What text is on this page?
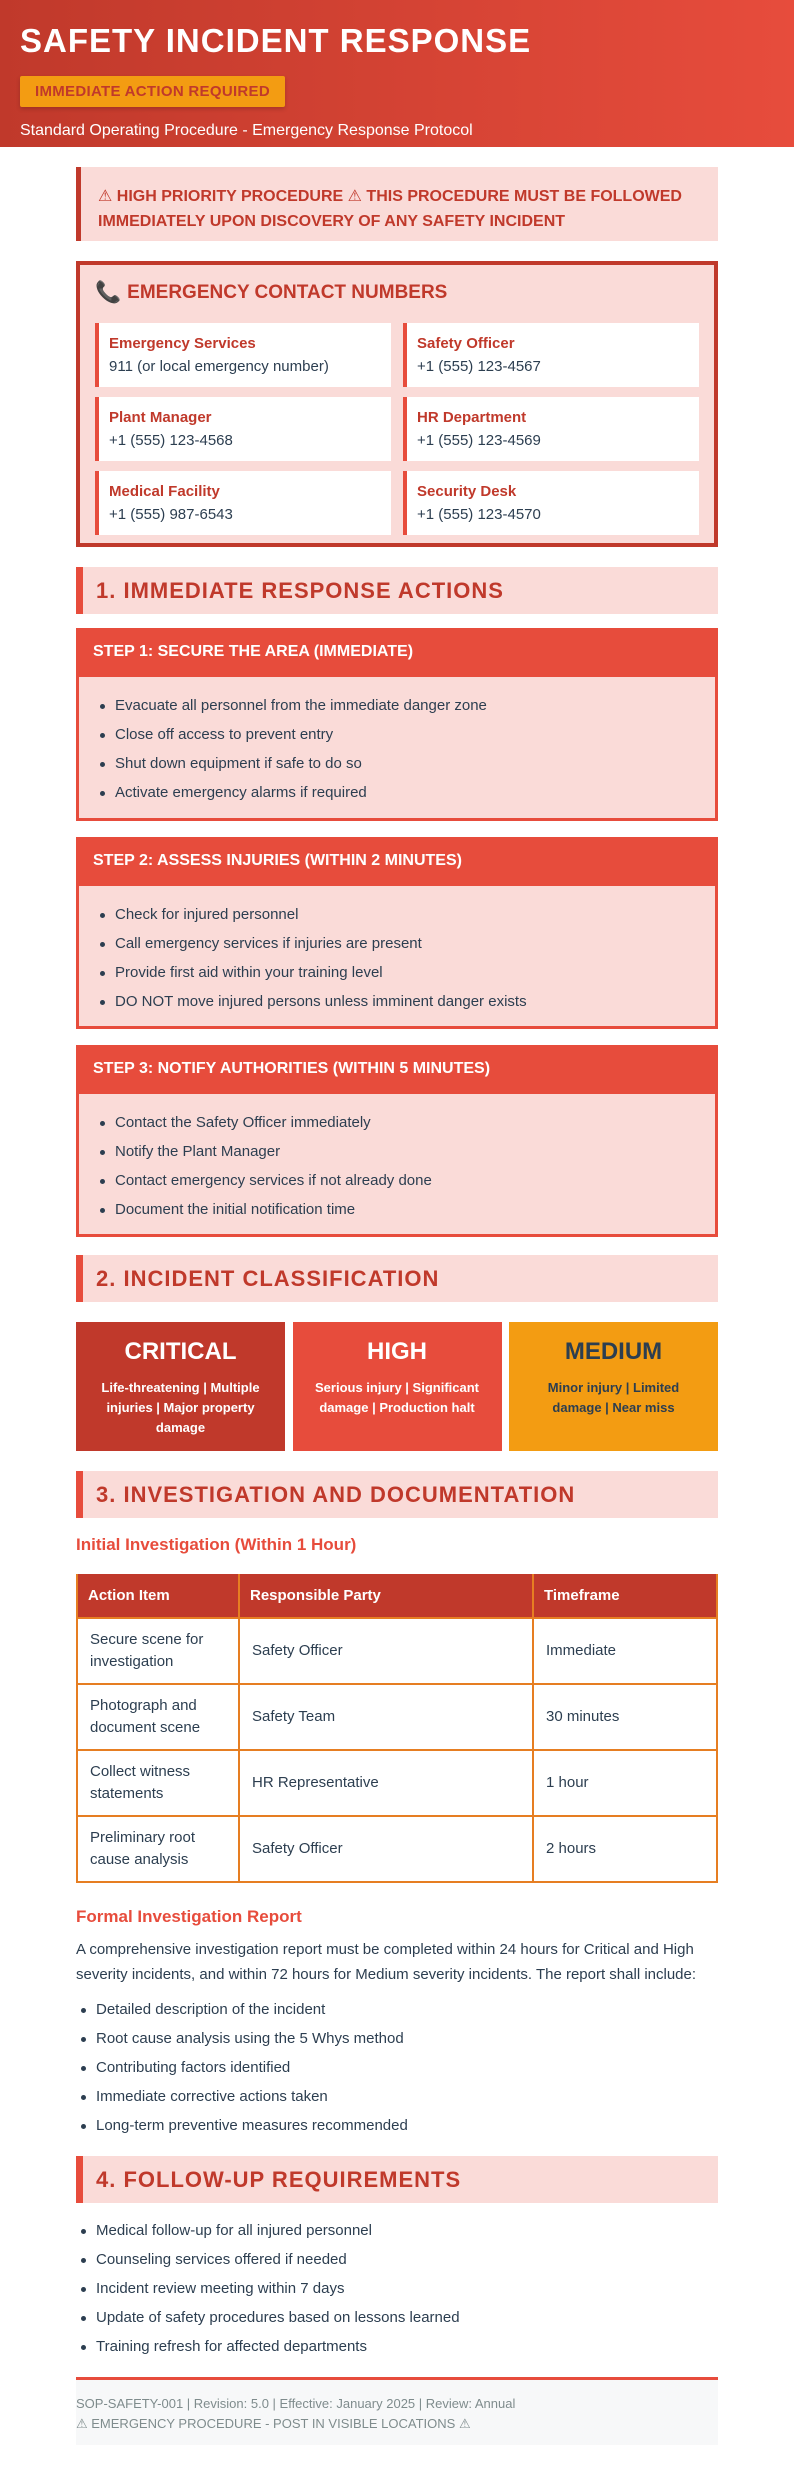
SAFETY INCIDENT RESPONSE
IMMEDIATE ACTION REQUIRED
Standard Operating Procedure - Emergency Response Protocol
⚠ HIGH PRIORITY PROCEDURE ⚠ THIS PROCEDURE MUST BE FOLLOWED IMMEDIATELY UPON DISCOVERY OF ANY SAFETY INCIDENT
📞 EMERGENCY CONTACT NUMBERS
Emergency Services
911 (or local emergency number)
Safety Officer
+1 (555) 123-4567
Plant Manager
+1 (555) 123-4568
HR Department
+1 (555) 123-4569
Medical Facility
+1 (555) 987-6543
Security Desk
+1 (555) 123-4570
1. IMMEDIATE RESPONSE ACTIONS
STEP 1: SECURE THE AREA (IMMEDIATE)
Evacuate all personnel from the immediate danger zone
Close off access to prevent entry
Shut down equipment if safe to do so
Activate emergency alarms if required
STEP 2: ASSESS INJURIES (WITHIN 2 MINUTES)
Check for injured personnel
Call emergency services if injuries are present
Provide first aid within your training level
DO NOT move injured persons unless imminent danger exists
STEP 3: NOTIFY AUTHORITIES (WITHIN 5 MINUTES)
Contact the Safety Officer immediately
Notify the Plant Manager
Contact emergency services if not already done
Document the initial notification time
2. INCIDENT CLASSIFICATION
CRITICAL
Life-threatening | Multiple injuries | Major property damage
HIGH
Serious injury | Significant damage | Production halt
MEDIUM
Minor injury | Limited damage | Near miss
3. INVESTIGATION AND DOCUMENTATION
Initial Investigation (Within 1 Hour)
Action Item	Responsible Party	Timeframe
Secure scene for investigation	Safety Officer	Immediate
Photograph and document scene	Safety Team	30 minutes
Collect witness statements	HR Representative	1 hour
Preliminary root cause analysis	Safety Officer	2 hours
Formal Investigation Report

A comprehensive investigation report must be completed within 24 hours for Critical and High severity incidents, and within 72 hours for Medium severity incidents. The report shall include:

Detailed description of the incident
Root cause analysis using the 5 Whys method
Contributing factors identified
Immediate corrective actions taken
Long-term preventive measures recommended
4. FOLLOW-UP REQUIREMENTS
Medical follow-up for all injured personnel
Counseling services offered if needed
Incident review meeting within 7 days
Update of safety procedures based on lessons learned
Training refresh for affected departments
SOP-SAFETY-001 | Revision: 5.0 | Effective: January 2025 | Review: Annual
⚠ EMERGENCY PROCEDURE - POST IN VISIBLE LOCATIONS ⚠
